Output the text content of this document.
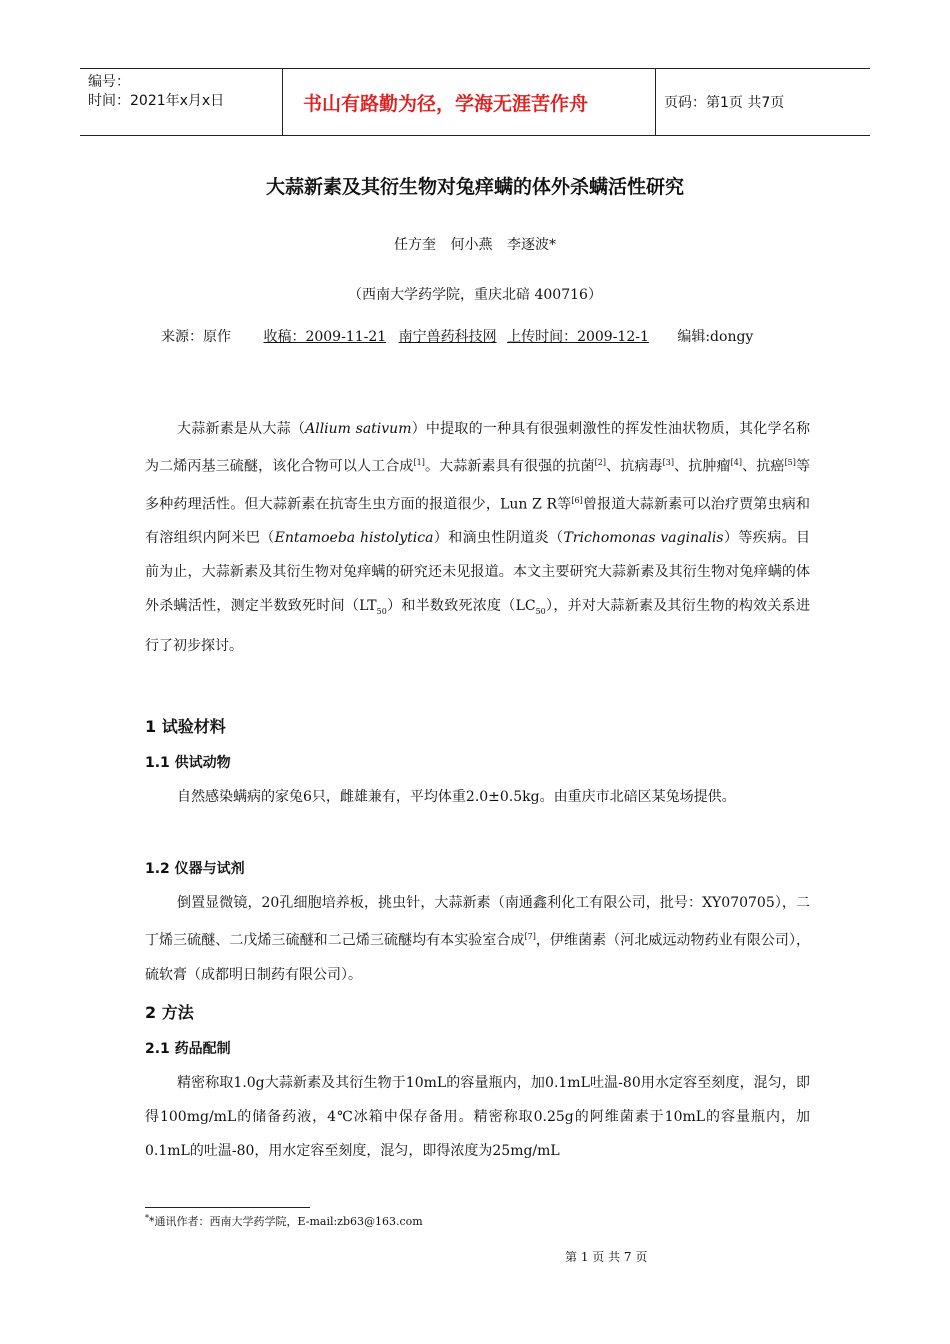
编号：
时间：2021年x月x日	书山有路勤为径，学海无涯苦作舟	页码：第1页 共7页
大蒜新素及其衍生物对兔痒螨的体外杀螨活性研究
任方奎 何小燕 李逐波*
（西南大学药学院，重庆北碚 400716）
来源：原作 收稿：2009-11-21 南宁兽药科技网 上传时间：2009-12-1 编辑:dongy

大蒜新素是从大蒜（Allium sativum）中提取的一种具有很强刺激性的挥发性油状物质，其化学名称为二烯丙基三硫醚，该化合物可以人工合成[1]。大蒜新素具有很强的抗菌[2]、抗病毒[3]、抗肿瘤[4]、抗癌[5]等多种药理活性。但大蒜新素在抗寄生虫方面的报道很少，Lun Z R等[6]曾报道大蒜新素可以治疗贾第虫病和有溶组织内阿米巴（Entamoeba histolytica）和滴虫性阴道炎（Trichomonas vaginalis）等疾病。目前为止，大蒜新素及其衍生物对兔痒螨的研究还未见报道。本文主要研究大蒜新素及其衍生物对兔痒螨的体外杀螨活性，测定半数致死时间$(LT_{50})$和半数致死浓度$(LC_{50})$，并对大蒜新素及其衍生物的构效关系进行了初步探讨。

1 试验材料
1.1 供试动物

自然感染螨病的家兔6只，雌雄兼有，平均体重2.0±0.5kg。由重庆市北碚区某兔场提供。

1.2 仪器与试剂

倒置显微镜，20孔细胞培养板，挑虫针，大蒜新素（南通鑫利化工有限公司，批号：XY070705），二丁烯三硫醚、二戊烯三硫醚和二己烯三硫醚均有本实验室合成[7]，伊维菌素（河北威远动物药业有限公司），硫软膏（成都明日制药有限公司）。

2 方法
2.1 药品配制

精密称取1.0g大蒜新素及其衍生物于10mL的容量瓶内，加0.1mL吐温-80用水定容至刻度，混匀，即得100mg/mL的储备药液，4℃冰箱中保存备用。精密称取0.25g的阿维菌素于10mL的容量瓶内，加0.1mL的吐温-80，用水定容至刻度，混匀，即得浓度为25mg/mL

**通讯作者：西南大学药学院，E-mail:zb63@163.com
第 1 页 共 7 页
